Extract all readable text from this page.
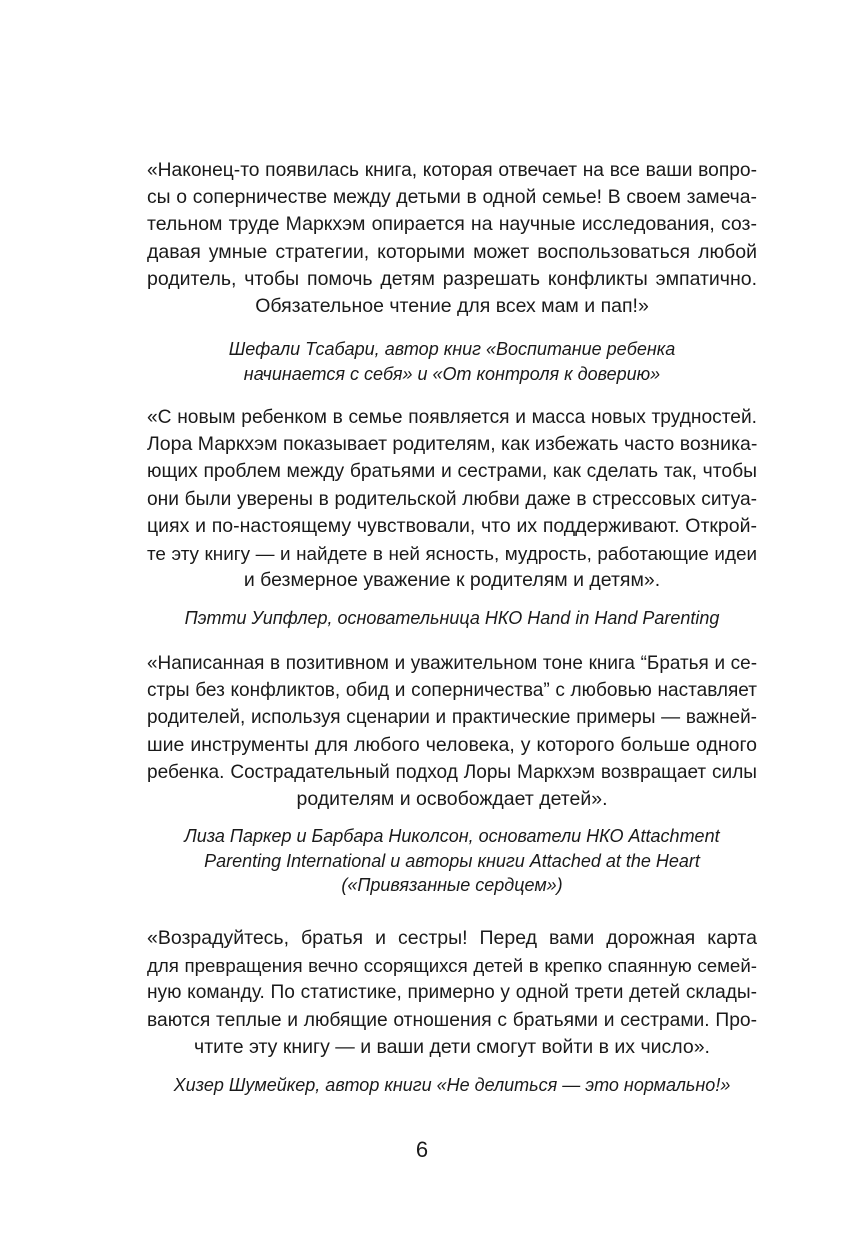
«Наконец-то появилась книга, которая отвечает на все ваши вопро-
сы о соперничестве между детьми в одной семье! В своем замеча-
тельном труде Маркхэм опирается на научные исследования, соз-
давая умные стратегии, которыми может воспользоваться любой
родитель, чтобы помочь детям разрешать конфликты эмпатично.
Обязательное чтение для всех мам и пап!»
Шефали Тсабари, автор книг «Воспитание ребенка
начинается с себя» и «От контроля к доверию»
«С новым ребенком в семье появляется и масса новых трудностей.
Лора Маркхэм показывает родителям, как избежать часто возника-
ющих проблем между братьями и сестрами, как сделать так, чтобы
они были уверены в родительской любви даже в стрессовых ситуа-
циях и по-настоящему чувствовали, что их поддерживают. Открой-
те эту книгу — и найдете в ней ясность, мудрость, работающие идеи
и безмерное уважение к родителям и детям».
Пэтти Уипфлер, основательница НКО Hand in Hand Parenting
«Написанная в позитивном и уважительном тоне книга “Братья и се-
стры без конфликтов, обид и соперничества” с любовью наставляет
родителей, используя сценарии и практические примеры — важней-
шие инструменты для любого человека, у которого больше одного
ребенка. Сострадательный подход Лоры Маркхэм возвращает силы
родителям и освобождает детей».
Лиза Паркер и Барбара Николсон, основатели НКО Attachment
Parenting International и авторы книги Attached at the Heart
(«Привязанные сердцем»)
«Возрадуйтесь, братья и сестры! Перед вами дорожная карта
для превращения вечно ссорящихся детей в крепко спаянную семей-
ную команду. По статистике, примерно у одной трети детей склады-
ваются теплые и любящие отношения с братьями и сестрами. Про-
чтите эту книгу — и ваши дети смогут войти в их число».
Хизер Шумейкер, автор книги «Не делиться — это нормально!»
6
